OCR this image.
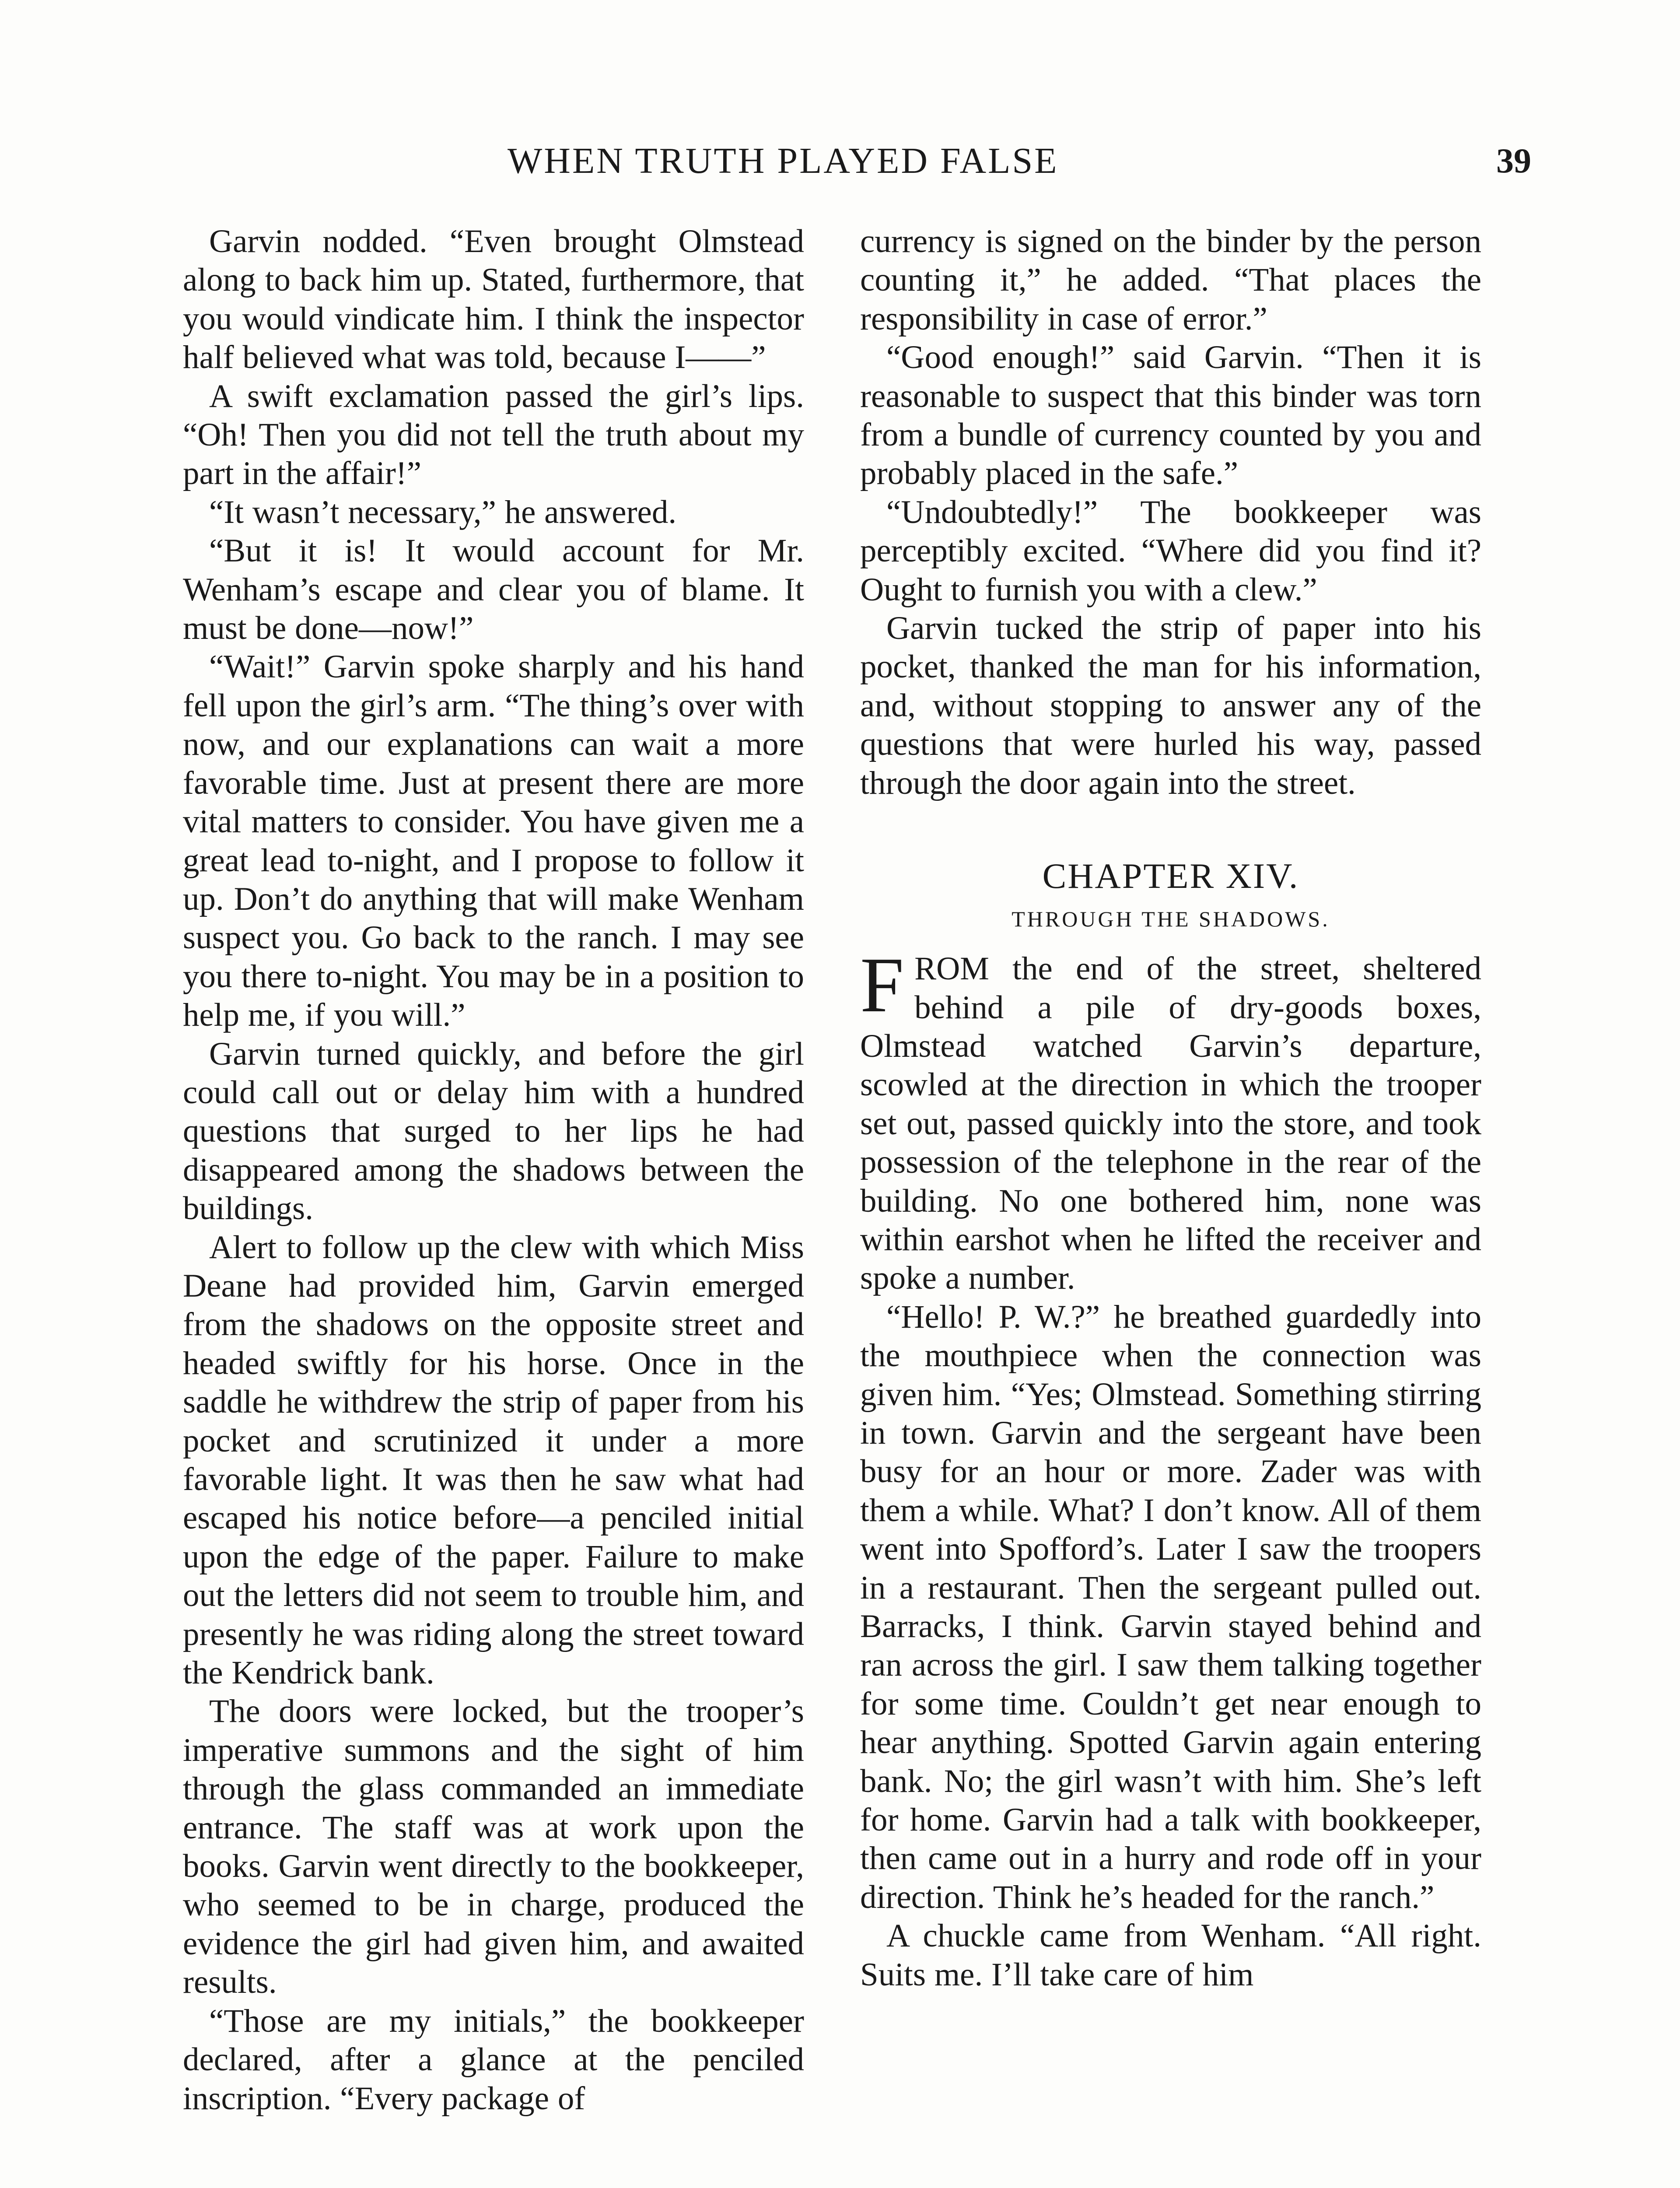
WHEN TRUTH PLAYED FALSE	39

Garvin nodded. “Even brought Olmstead along to back him up. Stated, furthermore, that you would vindicate him. I think the inspector half believed what was told, because I——”

A swift exclamation passed the girl’s lips. “Oh! Then you did not tell the truth about my part in the affair!”

“It wasn’t necessary,” he answered.

“But it is! It would account for Mr. Wenham’s escape and clear you of blame. It must be done—now!”

“Wait!” Garvin spoke sharply and his hand fell upon the girl’s arm. “The thing’s over with now, and our explanations can wait a more favorable time. Just at present there are more vital matters to consider. You have given me a great lead to-night, and I propose to follow it up. Don’t do anything that will make Wenham suspect you. Go back to the ranch. I may see you there to-night. You may be in a position to help me, if you will.”

Garvin turned quickly, and before the girl could call out or delay him with a hundred questions that surged to her lips he had disappeared among the shadows between the buildings.

Alert to follow up the clew with which Miss Deane had provided him, Garvin emerged from the shadows on the opposite street and headed swiftly for his horse. Once in the saddle he withdrew the strip of paper from his pocket and scrutinized it under a more favorable light. It was then he saw what had escaped his notice before—a penciled initial upon the edge of the paper. Failure to make out the letters did not seem to trouble him, and presently he was riding along the street toward the Kendrick bank.

The doors were locked, but the trooper’s imperative summons and the sight of him through the glass commanded an immediate entrance. The staff was at work upon the books. Garvin went directly to the bookkeeper, who seemed to be in charge, produced the evidence the girl had given him, and awaited results.

“Those are my initials,” the bookkeeper declared, after a glance at the penciled inscription. “Every package of

currency is signed on the binder by the person counting it,” he added. “That places the responsibility in case of error.”

“Good enough!” said Garvin. “Then it is reasonable to suspect that this binder was torn from a bundle of currency counted by you and probably placed in the safe.”

“Undoubtedly!” The bookkeeper was perceptibly excited. “Where did you find it? Ought to furnish you with a clew.”

Garvin tucked the strip of paper into his pocket, thanked the man for his information, and, without stopping to answer any of the questions that were hurled his way, passed through the door again into the street.

CHAPTER XIV.
THROUGH THE SHADOWS.

FROM the end of the street, sheltered behind a pile of dry-goods boxes, Olmstead watched Garvin’s departure, scowled at the direction in which the trooper set out, passed quickly into the store, and took possession of the telephone in the rear of the building. No one bothered him, none was within earshot when he lifted the receiver and spoke a number.

“Hello! P. W.?” he breathed guardedly into the mouthpiece when the connection was given him. “Yes; Olmstead. Something stirring in town. Garvin and the sergeant have been busy for an hour or more. Zader was with them a while. What? I don’t know. All of them went into Spofford’s. Later I saw the troopers in a restaurant. Then the sergeant pulled out. Barracks, I think. Garvin stayed behind and ran across the girl. I saw them talking together for some time. Couldn’t get near enough to hear anything. Spotted Garvin again entering bank. No; the girl wasn’t with him. She’s left for home. Garvin had a talk with bookkeeper, then came out in a hurry and rode off in your direction. Think he’s headed for the ranch.”

A chuckle came from Wenham. “All right. Suits me. I’ll take care of him
